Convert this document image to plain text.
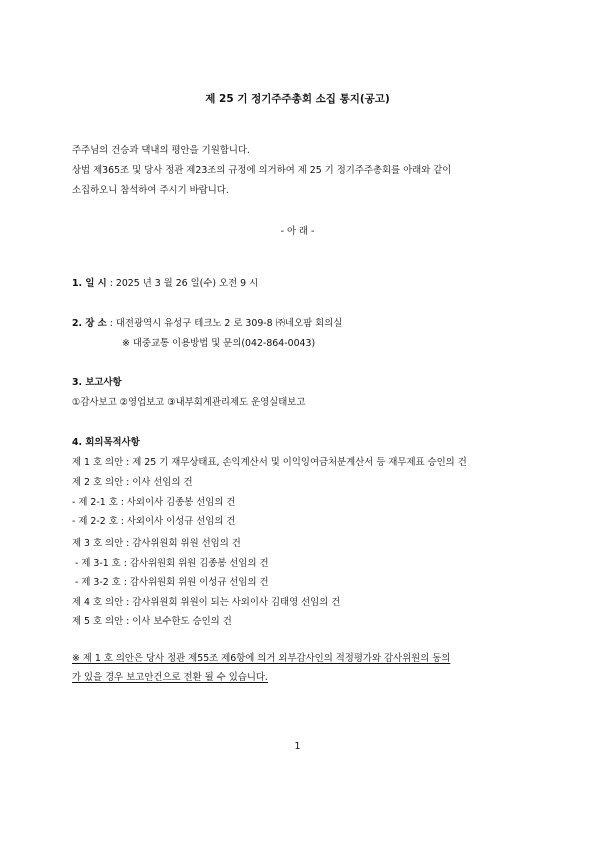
제 25 기 정기주주총회 소집 통지(공고)
주주님의 건승과 댁내의 평안을 기원합니다.
상법 제365조 및 당사 정관 제23조의 규정에 의거하여 제 25 기 정기주주총회를 아래와 같이
소집하오니 참석하여 주시기 바랍니다.
- 아 래 -
1. 일 시 : 2025 년 3 월 26 일(수) 오전 9 시
2. 장 소 : 대전광역시 유성구 테크노 2 로 309-8 ㈜네오팜 회의실
※ 대중교통 이용방법 및 문의(042-864-0043)
3. 보고사항
①감사보고 ②영업보고 ③내부회계관리제도 운영실태보고
4. 회의목적사항
제 1 호 의안 : 제 25 기 재무상태표, 손익계산서 및 이익잉여금처분계산서 등 재무제표 승인의 건
제 2 호 의안 : 이사 선임의 건
- 제 2-1 호 : 사외이사 김종봉 선임의 건
- 제 2-2 호 : 사외이사 이성규 선임의 건
제 3 호 의안 : 감사위원회 위원 선임의 건
- 제 3-1 호 : 감사위원회 위원 김종봉 선임의 건
- 제 3-2 호 : 감사위원회 위원 이성규 선임의 건
제 4 호 의안 : 감사위원회 위원이 되는 사외이사 김태영 선임의 건
제 5 호 의안 : 이사 보수한도 승인의 건
※ 제 1 호 의안은 당사 정관 제55조 제6항에 의거 외부감사인의 적정평가와 감사위원의 동의
가 있을 경우 보고안건으로 전환 될 수 있습니다.
1
